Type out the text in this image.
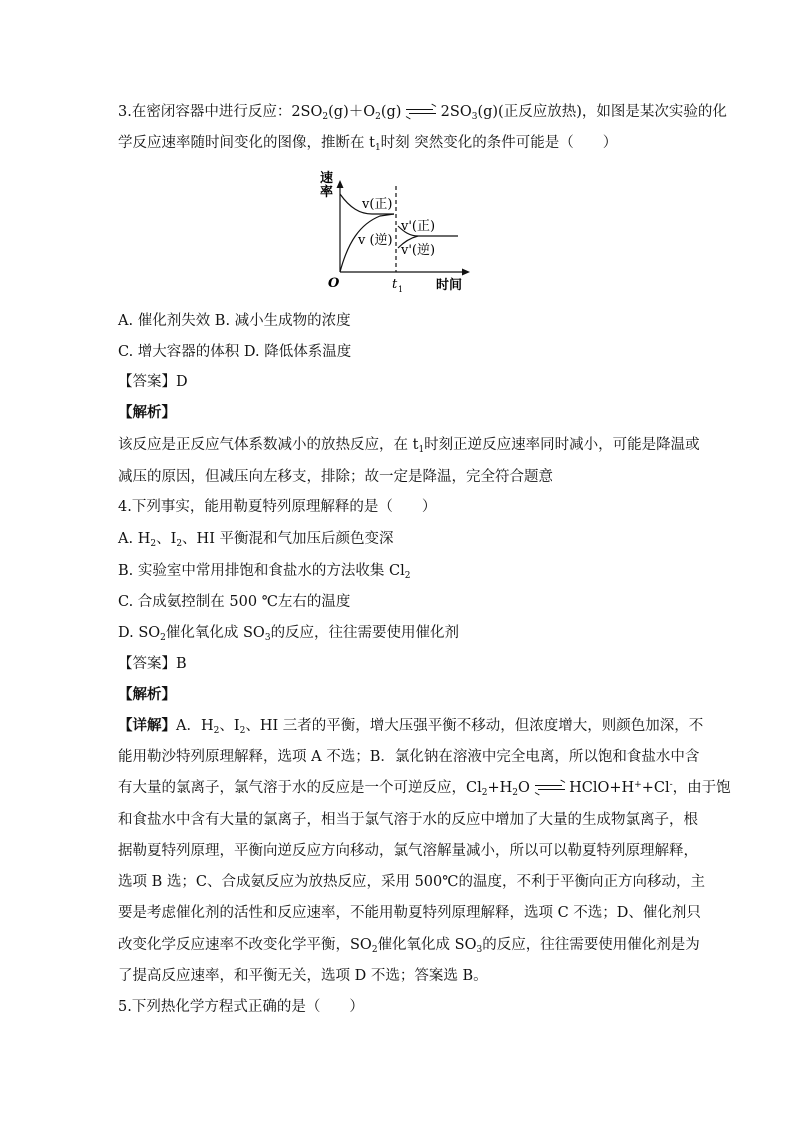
3.在密闭容器中进行反应：$2SO_2(g)+O_2(g)$	$2SO_3(g)$(正反应放热)，如图是某次实验的化
学反应速率随时间变化的图像，推断在 $t_1$时刻 突然变化的条件可能是（　　）
速
率
O	t 1	时间
v(正)
v (逆)
v'(正)
v'(逆)
A. 催化剂失效 B. 减小生成物的浓度
C. 增大容器的体积 D. 降低体系温度
【答案】D
【解析】
该反应是正反应气体系数减小的放热反应，在 $t_1$时刻正逆反应速率同时减小，可能是降温或
减压的原因，但减压向左移支，排除；故一定是降温，完全符合题意
4.下列事实，能用勒夏特列原理解释的是（　　）
A. $H_2$、$I_2$、HI 平衡混和气加压后颜色变深
B. 实验室中常用排饱和食盐水的方法收集 $Cl_2$
C. 合成氨控制在 500 ℃左右的温度
D. $SO_2$催化氧化成 $SO_3$的反应，往往需要使用催化剂
【答案】B
【解析】
【详解】A．$H_2$、$I_2$、HI 三者的平衡，增大压强平衡不移动，但浓度增大，则颜色加深，不
能用勒沙特列原理解释，选项 A 不选；B．氯化钠在溶液中完全电离，所以饱和食盐水中含
有大量的氯离子，氯气溶于水的反应是一个可逆反应，$Cl_2+H_2O$	HClO+H++Cl-，由于饱
和食盐水中含有大量的氯离子，相当于氯气溶于水的反应中增加了大量的生成物氯离子，根
据勒夏特列原理，平衡向逆反应方向移动，氯气溶解量减小，所以可以勒夏特列原理解释，
选项 B 选；C、合成氨反应为放热反应，采用 500℃的温度，不利于平衡向正方向移动，主
要是考虑催化剂的活性和反应速率，不能用勒夏特列原理解释，选项 C 不选；D、催化剂只
改变化学反应速率不改变化学平衡，$SO_2$催化氧化成 $SO_3$的反应，往往需要使用催化剂是为
了提高反应速率，和平衡无关，选项 D 不选；答案选 B。
5.下列热化学方程式正确的是（　　）
